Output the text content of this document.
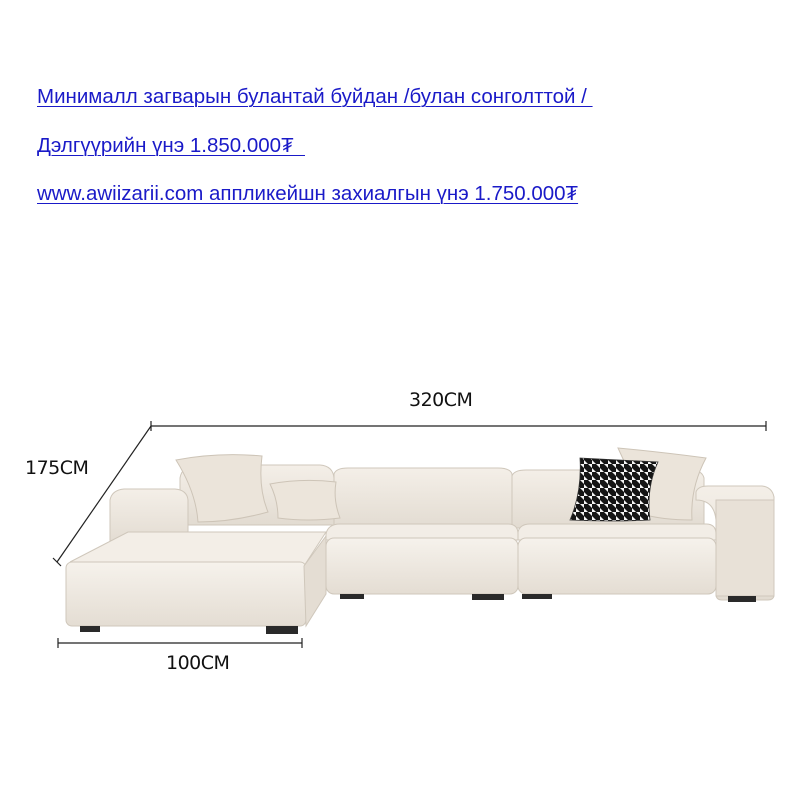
Минималл загварын булантай буйдан /булан сонголттой /
Дэлгүүрийн үнэ 1.850.000₮
www.awiizarii.com аппликейшн захиалгын үнэ 1.750.000₮
320CM
175CM
100CM
